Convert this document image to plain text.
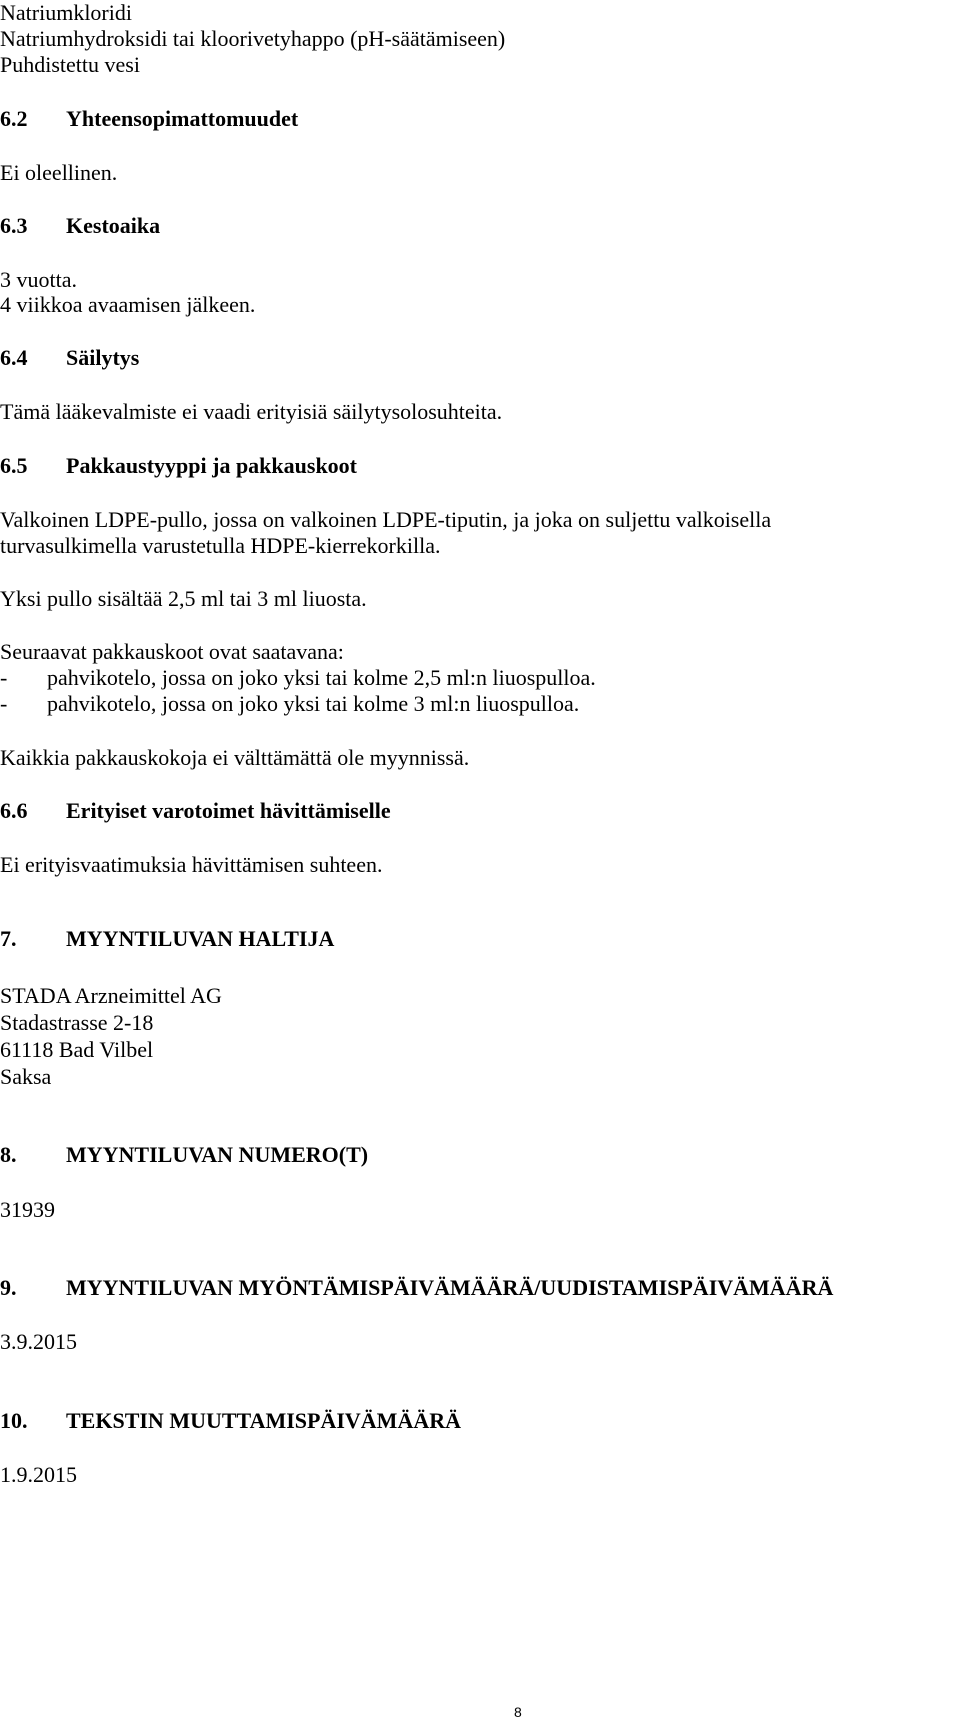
Natriumkloridi
Natriumhydroksidi tai kloorivetyhappo (pH-säätämiseen)
Puhdistettu vesi
6.2 Yhteensopimattomuudet
Ei oleellinen.
6.3 Kestoaika
3 vuotta.
4 viikkoa avaamisen jälkeen.
6.4 Säilytys
Tämä lääkevalmiste ei vaadi erityisiä säilytysolosuhteita.
6.5 Pakkaustyyppi ja pakkauskoot
Valkoinen LDPE-pullo, jossa on valkoinen LDPE-tiputin, ja joka on suljettu valkoisella
turvasulkimella varustetulla HDPE-kierrekorkilla.
Yksi pullo sisältää 2,5 ml tai 3 ml liuosta.
Seuraavat pakkauskoot ovat saatavana:
- pahvikotelo, jossa on joko yksi tai kolme 2,5 ml:n liuospulloa.
- pahvikotelo, jossa on joko yksi tai kolme 3 ml:n liuospulloa.
Kaikkia pakkauskokoja ei välttämättä ole myynnissä.
6.6 Erityiset varotoimet hävittämiselle
Ei erityisvaatimuksia hävittämisen suhteen.
7. MYYNTILUVAN HALTIJA
STADA Arzneimittel AG
Stadastrasse 2-18
61118 Bad Vilbel
Saksa
8. MYYNTILUVAN NUMERO(T)
31939
9. MYYNTILUVAN MYÖNTÄMISPÄIVÄMÄÄRÄ/UUDISTAMISPÄIVÄMÄÄRÄ
3.9.2015
10. TEKSTIN MUUTTAMISPÄIVÄMÄÄRÄ
1.9.2015
8
